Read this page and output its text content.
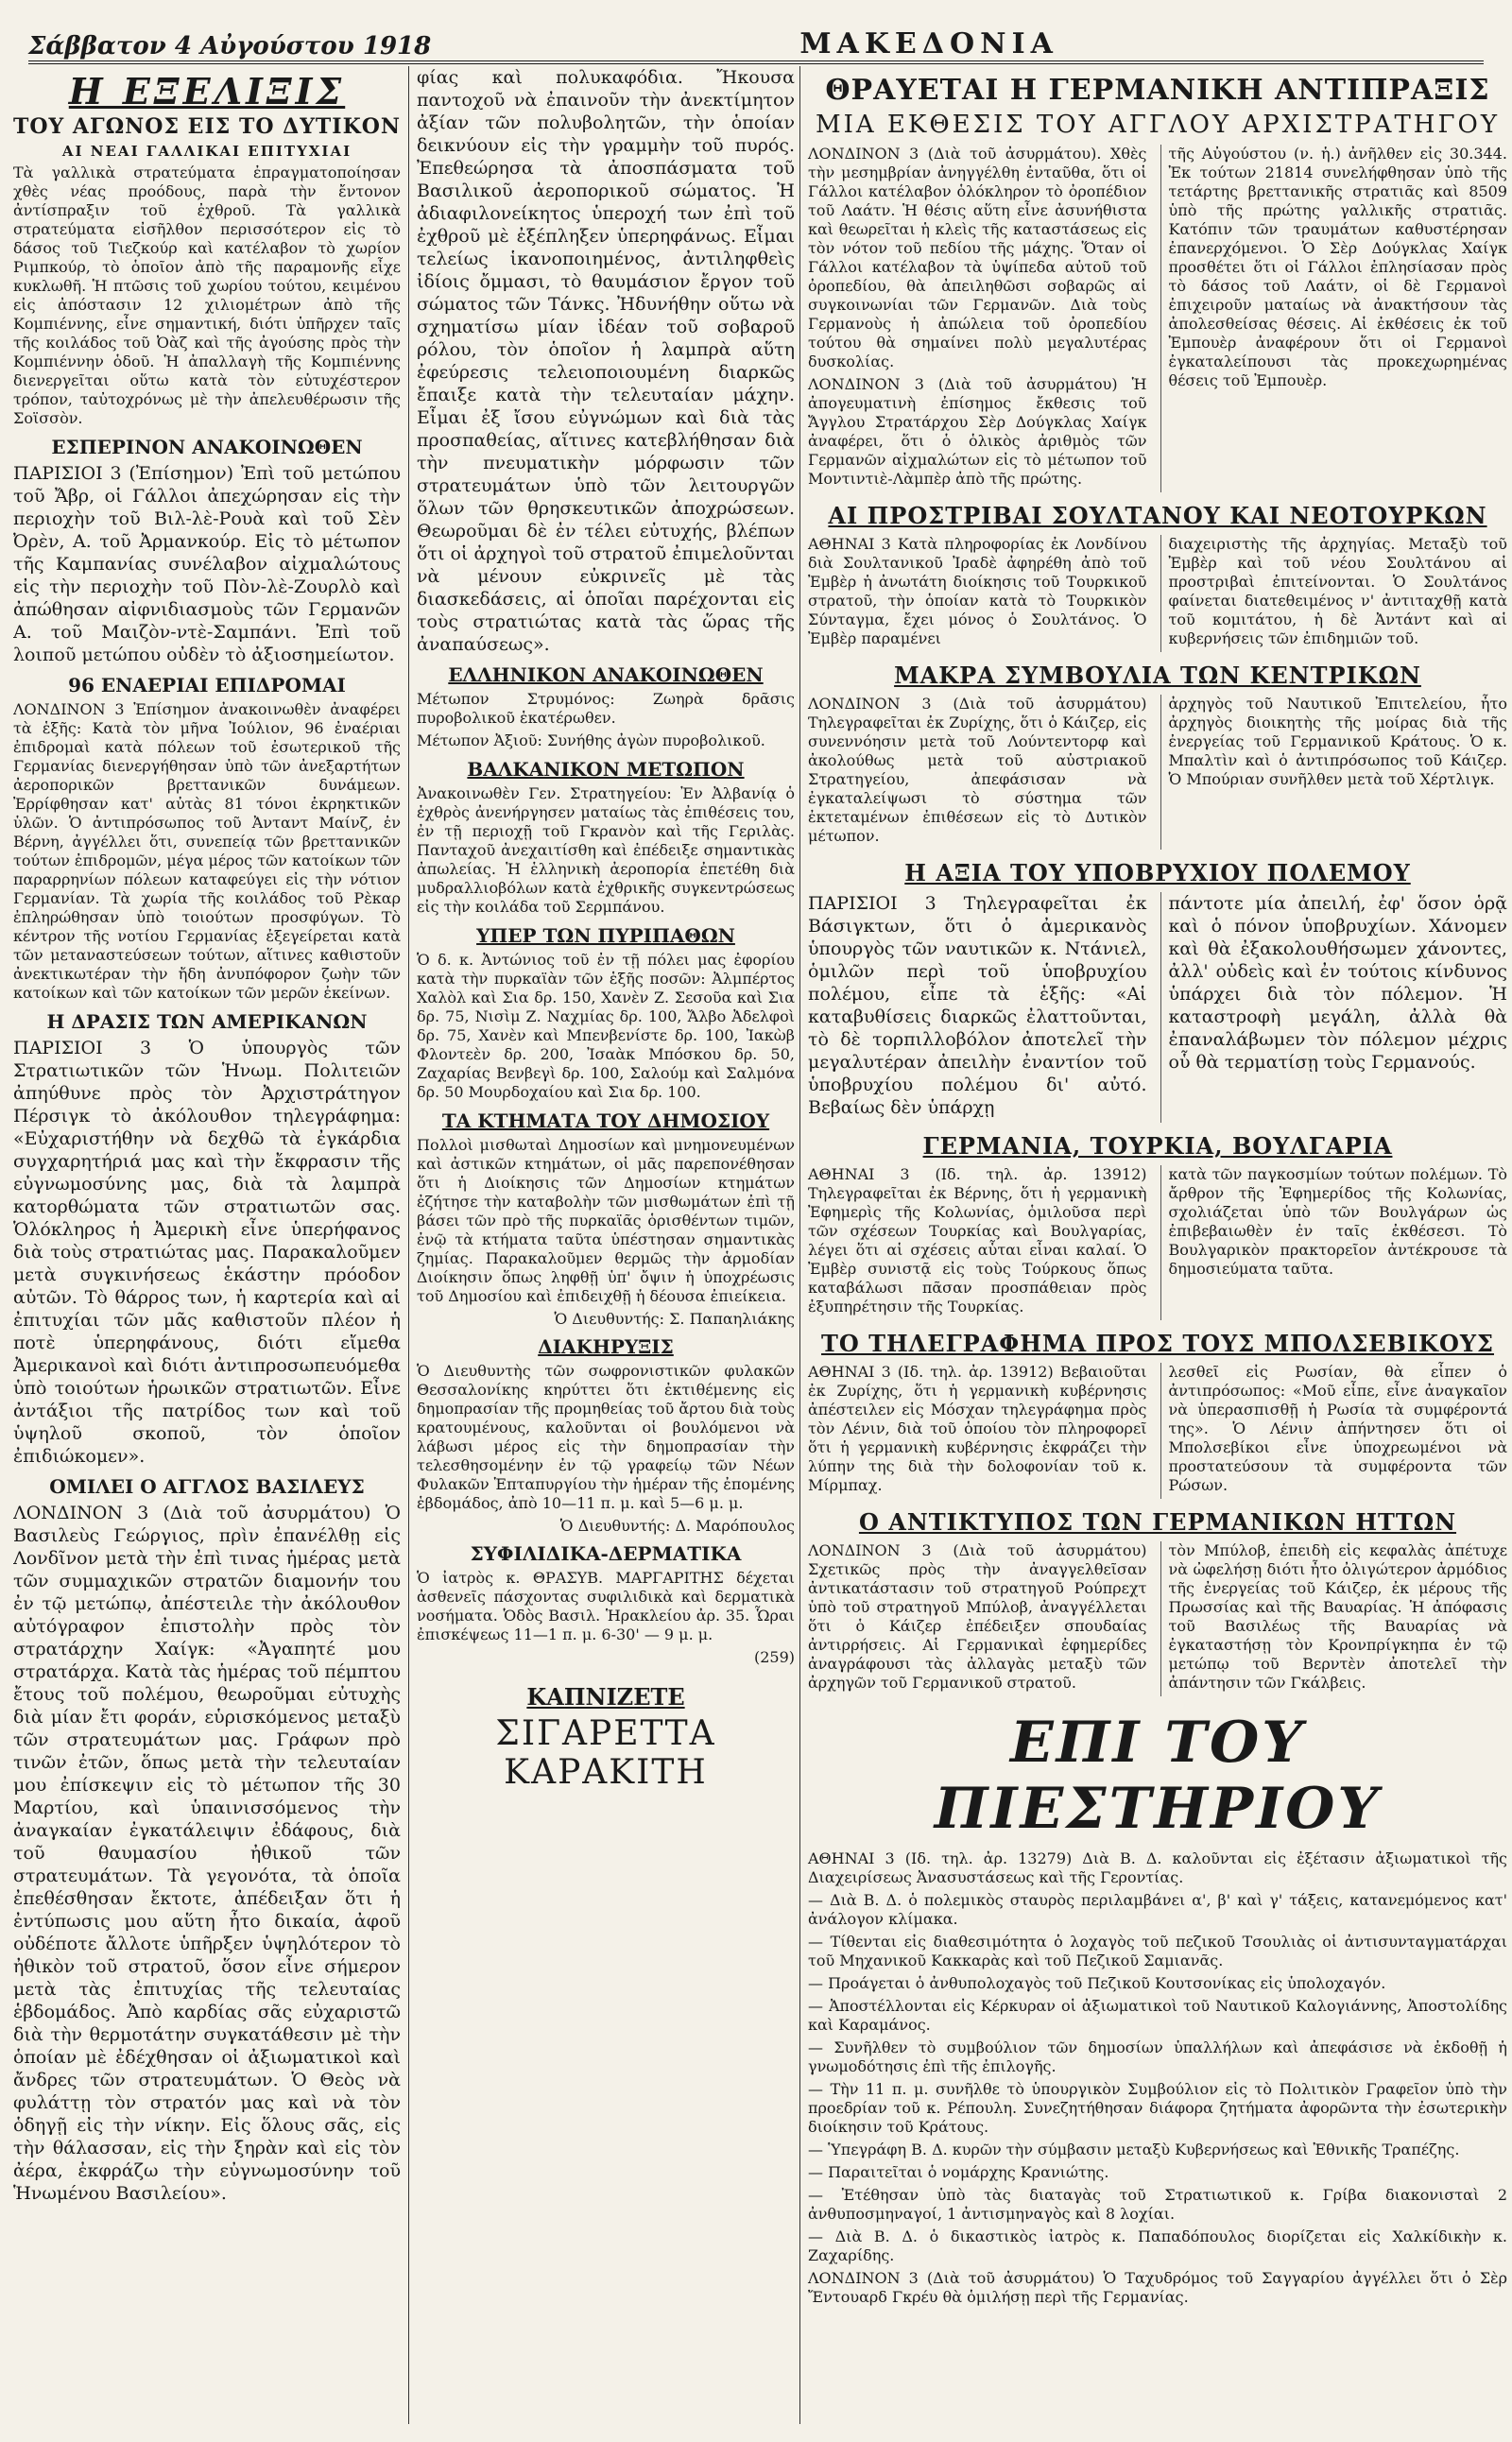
Σάββατον 4 Αὐγούστου 1918	ΜΑΚΕΔΟΝΙΑ
Η ΕΞΕΛΙΞΙΣ
ΤΟΥ ΑΓΩΝΟΣ ΕΙΣ ΤΟ ΔΥΤΙΚΟΝ
ΑΙ ΝΕΑΙ ΓΑΛΛΙΚΑΙ ΕΠΙΤΥΧΙΑΙ

Τὰ γαλλικὰ στρατεύματα ἐπραγματοποίησαν χθὲς νέας προόδους, παρὰ τὴν ἔντονον ἀντίσπραξιν τοῦ ἐχθροῦ. Τὰ γαλλικὰ στρατεύματα εἰσῆλθον περισσότερον εἰς τὸ δάσος τοῦ Τιεζκούρ καὶ κατέλαβον τὸ χωρίον Ριμπκούρ, τὸ ὁποῖον ἀπὸ τῆς παραμονῆς εἶχε κυκλωθῆ. Ἡ πτῶσις τοῦ χωρίου τούτου, κειμένου εἰς ἀπόστασιν 12 χιλιομέτρων ἀπὸ τῆς Κομπιέννης, εἶνε σημαντική, διότι ὑπῆρχεν ταῖς τῆς κοιλάδος τοῦ Ὀὰζ καὶ τῆς ἀγούσης πρὸς τὴν Κομπιέννην ὁδοῦ. Ἡ ἀπαλλαγὴ τῆς Κομπιέννης διενεργεῖται οὕτω κατὰ τὸν εὐτυχέστερον τρόπον, ταὐτοχρόνως μὲ τὴν ἀπελευθέρωσιν τῆς Σοϊσσὸν.

ΕΣΠΕΡΙΝΟΝ ΑΝΑΚΟΙΝΩΘΕΝ

ΠΑΡΙΣΙΟΙ 3 (Ἐπίσημον) Ἐπὶ τοῦ μετώπου τοῦ Ἄβρ, οἱ Γάλλοι ἀπεχώρησαν εἰς τὴν περιοχὴν τοῦ Βιλ-λὲ-Ρουὰ καὶ τοῦ Σὲν Ὀρὲν, Α. τοῦ Ἀρμανκούρ. Εἰς τὸ μέτωπον τῆς Καμπανίας συνέλαβον αἰχμαλώτους εἰς τὴν περιοχὴν τοῦ Πὸν-λὲ-Ζουρλὸ καὶ ἀπώθησαν αἰφνιδιασμοὺς τῶν Γερμανῶν Α. τοῦ Μαιζὸν-ντὲ-Σαμπάνι. Ἐπὶ τοῦ λοιποῦ μετώπου οὐδὲν τὸ ἀξιοσημείωτον.

96 ΕΝΑΕΡΙΑΙ ΕΠΙΔΡΟΜΑΙ

ΛΟΝΔΙΝΟΝ 3 Ἐπίσημον ἀνακοινωθὲν ἀναφέρει τὰ ἑξῆς: Κατὰ τὸν μῆνα Ἰούλιον, 96 ἐναέριαι ἐπιδρομαὶ κατὰ πόλεων τοῦ ἐσωτερικοῦ τῆς Γερμανίας διενεργήθησαν ὑπὸ τῶν ἀνεξαρτήτων ἀεροπορικῶν βρεττανικῶν δυνάμεων. Ἐρρίφθησαν κατ' αὐτὰς 81 τόνοι ἐκρηκτικῶν ὑλῶν. Ὁ ἀντιπρόσωπος τοῦ Ἀνταντ Μαίνζ, ἐν Βέρνη, ἀγγέλλει ὅτι, συνεπείᾳ τῶν βρεττανικῶν τούτων ἐπιδρομῶν, μέγα μέρος τῶν κατοίκων τῶν παραρρηνίων πόλεων καταφεύγει εἰς τὴν νότιον Γερμανίαν. Τὰ χωρία τῆς κοιλάδος τοῦ Ρὲκαρ ἐπληρώθησαν ὑπὸ τοιούτων προσφύγων. Τὸ κέντρον τῆς νοτίου Γερμανίας ἐξεγείρεται κατὰ τῶν μεταναστεύσεων τούτων, αἵτινες καθιστοῦν ἀνεκτικωτέραν τὴν ἤδη ἀνυπόφορον ζωὴν τῶν κατοίκων καὶ τῶν κατοίκων τῶν μερῶν ἐκείνων.

Η ΔΡΑΣΙΣ ΤΩΝ ΑΜΕΡΙΚΑΝΩΝ

ΠΑΡΙΣΙΟΙ 3 Ὁ ὑπουργὸς τῶν Στρατιωτικῶν τῶν Ἡνωμ. Πολιτειῶν ἀπηύθυνε πρὸς τὸν Ἀρχιστράτηγον Πέρσιγκ τὸ ἀκόλουθον τηλεγράφημα: «Εὐχαριστήθην νὰ δεχθῶ τὰ ἐγκάρδια συγχαρητήριά μας καὶ τὴν ἔκφρασιν τῆς εὐγνωμοσύνης μας, διὰ τὰ λαμπρὰ κατορθώματα τῶν στρατιωτῶν σας. Ὁλόκληρος ἡ Ἀμερικὴ εἶνε ὑπερήφανος διὰ τοὺς στρατιώτας μας. Παρακαλοῦμεν μετὰ συγκινήσεως ἑκάστην πρόοδον αὐτῶν. Τὸ θάρρος των, ἡ καρτερία καὶ αἱ ἐπιτυχίαι τῶν μᾶς καθιστοῦν πλέον ἡ ποτὲ ὑπερηφάνους, διότι εἴμεθα Ἀμερικανοὶ καὶ διότι ἀντιπροσωπευόμεθα ὑπὸ τοιούτων ἡρωικῶν στρατιωτῶν. Εἶνε ἀντάξιοι τῆς πατρίδος των καὶ τοῦ ὑψηλοῦ σκοποῦ, τὸν ὁποῖον ἐπιδιώκομεν».

ΟΜΙΛΕΙ Ο ΑΓΓΛΟΣ ΒΑΣΙΛΕΥΣ

ΛΟΝΔΙΝΟΝ 3 (Διὰ τοῦ ἀσυρμάτου) Ὁ Βασιλεὺς Γεώργιος, πρὶν ἐπανέλθῃ εἰς Λονδῖνον μετὰ τὴν ἐπὶ τινας ἡμέρας μετὰ τῶν συμμαχικῶν στρατῶν διαμονήν του ἐν τῷ μετώπῳ, ἀπέστειλε τὴν ἀκόλουθον αὐτόγραφον ἐπιστολὴν πρὸς τὸν στρατάρχην Χαίγκ: «Ἀγαπητέ μου στρατάρχα. Κατὰ τὰς ἡμέρας τοῦ πέμπτου ἔτους τοῦ πολέμου, θεωροῦμαι εὐτυχὴς διὰ μίαν ἔτι φοράν, εὑρισκόμενος μεταξὺ τῶν στρατευμάτων μας. Γράφων πρὸ τινῶν ἐτῶν, ὅπως μετὰ τὴν τελευταίαν μου ἐπίσκεψιν εἰς τὸ μέτωπον τῆς 30 Μαρτίου, καὶ ὑπαινισσόμενος τὴν ἀναγκαίαν ἐγκατάλειψιν ἐδάφους, διὰ τοῦ θαυμασίου ἠθικοῦ τῶν στρατευμάτων. Τὰ γεγονότα, τὰ ὁποῖα ἐπεθέσθησαν ἔκτοτε, ἀπέδειξαν ὅτι ἡ ἐντύπωσις μου αὕτη ἦτο δικαία, ἀφοῦ οὐδέποτε ἄλλοτε ὑπῆρξεν ὑψηλότερον τὸ ἠθικὸν τοῦ στρατοῦ, ὅσον εἶνε σήμερον μετὰ τὰς ἐπιτυχίας τῆς τελευταίας ἑβδομάδος. Ἀπὸ καρδίας σᾶς εὐχαριστῶ διὰ τὴν θερμοτάτην συγκατάθεσιν μὲ τὴν ὁποίαν μὲ ἐδέχθησαν οἱ ἀξιωματικοὶ καὶ ἄνδρες τῶν στρατευμάτων. Ὁ Θεὸς νὰ φυλάττῃ τὸν στρατόν μας καὶ νὰ τὸν ὁδηγῇ εἰς τὴν νίκην. Εἰς ὅλους σᾶς, εἰς τὴν θάλασσαν, εἰς τὴν ξηρὰν καὶ εἰς τὸν ἀέρα, ἐκφράζω τὴν εὐγνωμοσύνην τοῦ Ἡνωμένου Βασιλείου».

φίας καὶ πολυκαφόδια. Ἤκουσα παντοχοῦ νὰ ἐπαινοῦν τὴν ἀνεκτίμητον ἀξίαν τῶν πολυβολητῶν, τὴν ὁποίαν δεικνύουν εἰς τὴν γραμμὴν τοῦ πυρός. Ἐπεθεώρησα τὰ ἀποσπάσματα τοῦ Βασιλικοῦ ἀεροπορικοῦ σώματος. Ἡ ἀδιαφιλονείκητος ὑπεροχή των ἐπὶ τοῦ ἐχθροῦ μὲ ἐξέπληξεν ὑπερηφάνως. Εἶμαι τελείως ἱκανοποιημένος, ἀντιληφθεὶς ἰδίοις ὄμμασι, τὸ θαυμάσιον ἔργον τοῦ σώματος τῶν Τάνκς. Ἠδυνήθην οὕτω νὰ σχηματίσω μίαν ἰδέαν τοῦ σοβαροῦ ρόλου, τὸν ὁποῖον ἡ λαμπρὰ αὕτη ἐφεύρεσις τελειοποιουμένη διαρκῶς ἔπαιξε κατὰ τὴν τελευταίαν μάχην. Εἶμαι ἐξ ἴσου εὐγνώμων καὶ διὰ τὰς προσπαθείας, αἵτινες κατεβλήθησαν διὰ τὴν πνευματικὴν μόρφωσιν τῶν στρατευμάτων ὑπὸ τῶν λειτουργῶν ὅλων τῶν θρησκευτικῶν ἀποχρώσεων. Θεωροῦμαι δὲ ἐν τέλει εὐτυχής, βλέπων ὅτι οἱ ἀρχηγοὶ τοῦ στρατοῦ ἐπιμελοῦνται νὰ μένουν εὐκρινεῖς μὲ τὰς διασκεδάσεις, αἱ ὁποῖαι παρέχονται εἰς τοὺς στρατιώτας κατὰ τὰς ὥρας τῆς ἀναπαύσεως».

ΕΛΛΗΝΙΚΟΝ ΑΝΑΚΟΙΝΩΘΕΝ

Μέτωπον Στρυμόνος: Ζωηρὰ δρᾶσις πυροβολικοῦ ἑκατέρωθεν.

Μέτωπον Ἀξιοῦ: Συνήθης ἀγὼν πυροβολικοῦ.

ΒΑΛΚΑΝΙΚΟΝ ΜΕΤΩΠΟΝ

Ἀνακοινωθὲν Γεν. Στρατηγείου: Ἐν Ἀλβανίᾳ ὁ ἐχθρὸς ἀνενήργησεν ματαίως τὰς ἐπιθέσεις του, ἐν τῇ περιοχῇ τοῦ Γκρανὸν καὶ τῆς Γεριλὰς. Πανταχοῦ ἀνεχαιτίσθη καὶ ἐπέδειξε σημαντικὰς ἀπωλείας. Ἡ ἑλληνικὴ ἀεροπορία ἐπετέθη διὰ μυδραλλιοβόλων κατὰ ἐχθρικῆς συγκεντρώσεως εἰς τὴν κοιλάδα τοῦ Σερμπάνου.

ΥΠΕΡ ΤΩΝ ΠΥΡΙΠΑΘΩΝ

Ὁ δ. κ. Ἀντώνιος τοῦ ἐν τῇ πόλει μας ἐφορίου κατὰ τὴν πυρκαϊὰν τῶν ἑξῆς ποσῶν: Ἀλμπέρτος Χαλὸλ καὶ Σια δρ. 150, Χανὲν Ζ. Σεσοῦα καὶ Σια δρ. 75, Νισὶμ Ζ. Ναχμίας δρ. 100, Ἄλβο Ἀδελφοὶ δρ. 75, Χανὲν καὶ Μπενβενίστε δρ. 100, Ἰακὼβ Φλοντεὲν δρ. 200, Ἰσαὰκ Μπόσκου δρ. 50, Ζαχαρίας Βενβεγὶ δρ. 100, Σαλούμ καὶ Σαλμόνα δρ. 50 Μουρδοχαίου καὶ Σια δρ. 100.

ΤΑ ΚΤΗΜΑΤΑ ΤΟΥ ΔΗΜΟΣΙΟΥ

Πολλοὶ μισθωταὶ Δημοσίων καὶ μνημονευμένων καὶ ἀστικῶν κτημάτων, οἱ μᾶς παρεπονέθησαν ὅτι ἡ Διοίκησις τῶν Δημοσίων κτημάτων ἐζήτησε τὴν καταβολὴν τῶν μισθωμάτων ἐπὶ τῇ βάσει τῶν πρὸ τῆς πυρκαϊᾶς ὁρισθέντων τιμῶν, ἐνῷ τὰ κτήματα ταῦτα ὑπέστησαν σημαντικὰς ζημίας. Παρακαλοῦμεν θερμῶς τὴν ἁρμοδίαν Διοίκησιν ὅπως ληφθῇ ὑπ' ὄψιν ἡ ὑποχρέωσις τοῦ Δημοσίου καὶ ἐπιδειχθῇ ἡ δέουσα ἐπιείκεια.

Ὁ Διευθυντής: Σ. Παπαηλιάκης
ΔΙΑΚΗΡΥΞΙΣ

Ὁ Διευθυντὴς τῶν σωφρονιστικῶν φυλακῶν Θεσσαλονίκης κηρύττει ὅτι ἐκτιθέμενης εἰς δημοπρασίαν τῆς προμηθείας τοῦ ἄρτου διὰ τοὺς κρατουμένους, καλοῦνται οἱ βουλόμενοι νὰ λάβωσι μέρος εἰς τὴν δημοπρασίαν τὴν τελεσθησομένην ἐν τῷ γραφείῳ τῶν Νέων Φυλακῶν Ἑπταπυργίου τὴν ἡμέραν τῆς ἐπομένης ἑβδομάδος, ἀπὸ 10—11 π. μ. καὶ 5—6 μ. μ.

Ὁ Διευθυντής: Δ. Μαρόπουλος
ΣΥΦΙΛΙΔΙΚΑ-ΔΕΡΜΑΤΙΚΑ

Ὁ ἰατρὸς κ. ΘΡΑΣΥΒ. ΜΑΡΓΑΡΙΤΗΣ δέχεται ἀσθενεῖς πάσχοντας συφιλιδικὰ καὶ δερματικὰ νοσήματα. Ὁδὸς Βασιλ. Ἡρακλείου ἀρ. 35. Ὧραι ἐπισκέψεως 11—1 π. μ. 6-30' — 9 μ. μ.

(259)
ΚΑΠΝΙΖΕΤΕ
ΣΙΓΑΡΕΤΤΑ ΚΑΡΑΚΙΤΗ
ΘΡΑΥΕΤΑΙ Η ΓΕΡΜΑΝΙΚΗ ΑΝΤΙΠΡΑΞΙΣ
ΜΙΑ ΕΚΘΕΣΙΣ ΤΟΥ ΑΓΓΛΟΥ ΑΡΧΙΣΤΡΑΤΗΓΟΥ

ΛΟΝΔΙΝΟΝ 3 (Διὰ τοῦ ἀσυρμάτου). Χθὲς τὴν μεσημβρίαν ἀνηγγέλθη ἐνταῦθα, ὅτι οἱ Γάλλοι κατέλαβον ὁλόκληρον τὸ ὀροπέδιον τοῦ Λαάτν. Ἡ θέσις αὕτη εἶνε ἀσυνήθιστα καὶ θεωρεῖται ἡ κλεὶς τῆς καταστάσεως εἰς τὸν νότον τοῦ πεδίου τῆς μάχης. Ὅταν οἱ Γάλλοι κατέλαβον τὰ ὑψίπεδα αὐτοῦ τοῦ ὀροπεδίου, θὰ ἀπειληθῶσι σοβαρῶς αἱ συγκοινωνίαι τῶν Γερμανῶν. Διὰ τοὺς Γερμανοὺς ἡ ἀπώλεια τοῦ ὀροπεδίου τούτου θὰ σημαίνει πολὺ μεγαλυτέρας δυσκολίας.

ΛΟΝΔΙΝΟΝ 3 (Διὰ τοῦ ἀσυρμάτου) Ἡ ἀπογευματινὴ ἐπίσημος ἔκθεσις τοῦ Ἄγγλου Στρατάρχου Σὲρ Δούγκλας Χαίγκ ἀναφέρει, ὅτι ὁ ὁλικὸς ἀριθμὸς τῶν Γερμανῶν αἰχμαλώτων εἰς τὸ μέτωπον τοῦ Μοντιντιὲ-Λὰμπὲρ ἀπὸ τῆς πρώτης.

τῆς Αὐγούστου (ν. ἡ.) ἀνῆλθεν εἰς 30.344. Ἐκ τούτων 21814 συνελήφθησαν ὑπὸ τῆς τετάρτης βρεττανικῆς στρατιᾶς καὶ 8509 ὑπὸ τῆς πρώτης γαλλικῆς στρατιᾶς. Κατόπιν τῶν τραυμάτων καθυστέρησαν ἐπανερχόμενοι. Ὁ Σὲρ Δούγκλας Χαίγκ προσθέτει ὅτι οἱ Γάλλοι ἐπλησίασαν πρὸς τὸ δάσος τοῦ Λαάτν, οἱ δὲ Γερμανοὶ ἐπιχειροῦν ματαίως νὰ ἀνακτήσουν τὰς ἀπολεσθείσας θέσεις. Αἱ ἐκθέσεις ἐκ τοῦ Ἐμπουὲρ ἀναφέρουν ὅτι οἱ Γερμανοὶ ἐγκαταλείπουσι τὰς προκεχωρημένας θέσεις τοῦ Ἐμπουὲρ.

ΑΙ ΠΡΟΣΤΡΙΒΑΙ ΣΟΥΛΤΑΝΟΥ ΚΑΙ ΝΕΟΤΟΥΡΚΩΝ

ΑΘΗΝΑΙ 3 Κατὰ πληροφορίας ἐκ Λονδίνου διὰ Σουλτανικοῦ Ἰραδὲ ἀφηρέθη ἀπὸ τοῦ Ἐμβὲρ ἡ ἀνωτάτη διοίκησις τοῦ Τουρκικοῦ στρατοῦ, τὴν ὁποίαν κατὰ τὸ Τουρκικὸν Σύνταγμα, ἔχει μόνος ὁ Σουλτάνος. Ὁ Ἐμβὲρ παραμένει

διαχειριστὴς τῆς ἀρχηγίας. Μεταξὺ τοῦ Ἐμβὲρ καὶ τοῦ νέου Σουλτάνου αἱ προστριβαὶ ἐπιτείνονται. Ὁ Σουλτάνος φαίνεται διατεθειμένος ν' ἀντιταχθῇ κατὰ τοῦ κομιτάτου, ἡ δὲ Ἀντάντ καὶ αἱ κυβερνήσεις τῶν ἐπιδημιῶν τοῦ.

ΜΑΚΡΑ ΣΥΜΒΟΥΛΙΑ ΤΩΝ ΚΕΝΤΡΙΚΩΝ

ΛΟΝΔΙΝΟΝ 3 (Διὰ τοῦ ἀσυρμάτου) Τηλεγραφεῖται ἐκ Ζυρίχης, ὅτι ὁ Κάιζερ, εἰς συνεννόησιν μετὰ τοῦ Λούντεντορφ καὶ ἀκολούθως μετὰ τοῦ αὐστριακοῦ Στρατηγείου, ἀπεφάσισαν νὰ ἐγκαταλείψωσι τὸ σύστημα τῶν ἐκτεταμένων ἐπιθέσεων εἰς τὸ Δυτικὸν μέτωπον.

ἀρχηγὸς τοῦ Ναυτικοῦ Ἐπιτελείου, ἦτο ἀρχηγὸς διοικητὴς τῆς μοίρας διὰ τῆς ἐνεργείας τοῦ Γερμανικοῦ Κράτους. Ὁ κ. Μπαλτὶν καὶ ὁ ἀντιπρόσωπος τοῦ Κάιζερ. Ὁ Μπούριαν συνῆλθεν μετὰ τοῦ Χέρτλιγκ.

Η ΑΞΙΑ ΤΟΥ ΥΠΟΒΡΥΧΙΟΥ ΠΟΛΕΜΟΥ

ΠΑΡΙΣΙΟΙ 3 Τηλεγραφεῖται ἐκ Βάσιγκτων, ὅτι ὁ ἀμερικανὸς ὑπουργὸς τῶν ναυτικῶν κ. Ντάνιελ, ὁμιλῶν περὶ τοῦ ὑποβρυχίου πολέμου, εἶπε τὰ ἑξῆς: «Αἱ καταβυθίσεις διαρκῶς ἐλαττοῦνται, τὸ δὲ τορπιλλοβόλον ἀποτελεῖ τὴν μεγαλυτέραν ἀπειλὴν ἐναντίον τοῦ ὑποβρυχίου πολέμου δι' αὐτό. Βεβαίως δὲν ὑπάρχῃ

πάντοτε μία ἀπειλή, ἐφ' ὅσον ὁρᾷ καὶ ὁ πόνον ὑποβρυχίων. Χάνομεν καὶ θὰ ἐξακολουθήσωμεν χάνοντες, ἀλλ' οὐδεὶς καὶ ἐν τούτοις κίνδυνος ὑπάρχει διὰ τὸν πόλεμον. Ἡ καταστροφὴ μεγάλη, ἀλλὰ θὰ ἐπαναλάβωμεν τὸν πόλεμον μέχρις οὗ θὰ τερματίσῃ τοὺς Γερμανούς.

ΓΕΡΜΑΝΙΑ, ΤΟΥΡΚΙΑ, ΒΟΥΛΓΑΡΙΑ

ΑΘΗΝΑΙ 3 (Ιδ. τηλ. ἀρ. 13912) Τηλεγραφεῖται ἐκ Βέρνης, ὅτι ἡ γερμανικὴ Ἐφημερὶς τῆς Κολωνίας, ὁμιλοῦσα περὶ τῶν σχέσεων Τουρκίας καὶ Βουλγαρίας, λέγει ὅτι αἱ σχέσεις αὗται εἶναι καλαί. Ὁ Ἐμβὲρ συνιστᾷ εἰς τοὺς Τούρκους ὅπως καταβάλωσι πᾶσαν προσπάθειαν πρὸς ἐξυπηρέτησιν τῆς Τουρκίας.

κατὰ τῶν παγκοσμίων τούτων πολέμων. Τὸ ἄρθρον τῆς Ἐφημερίδος τῆς Κολωνίας, σχολιάζεται ὑπὸ τῶν Βουλγάρων ὡς ἐπιβεβαιωθὲν ἐν ταῖς ἐκθέσεσι. Τὸ Βουλγαρικὸν πρακτορεῖον ἀντέκρουσε τὰ δημοσιεύματα ταῦτα.

ΤΟ ΤΗΛΕΓΡΑΦΗΜΑ ΠΡΟΣ ΤΟΥΣ ΜΠΟΛΣΕΒΙΚΟΥΣ

ΑΘΗΝΑΙ 3 (Ιδ. τηλ. ἀρ. 13912) Βεβαιοῦται ἐκ Ζυρίχης, ὅτι ἡ γερμανικὴ κυβέρνησις ἀπέστειλεν εἰς Μόσχαν τηλεγράφημα πρὸς τὸν Λένιν, διὰ τοῦ ὁποίου τὸν πληροφορεῖ ὅτι ἡ γερμανικὴ κυβέρνησις ἐκφράζει τὴν λύπην της διὰ τὴν δολοφονίαν τοῦ κ. Μίρμπαχ.

λεσθεῖ εἰς Ρωσίαν, θὰ εἶπεν ὁ ἀντιπρόσωπος: «Μοῦ εἶπε, εἶνε ἀναγκαῖον νὰ ὑπερασπισθῇ ἡ Ρωσία τὰ συμφέροντά της». Ὁ Λένιν ἀπήντησεν ὅτι οἱ Μπολσεβίκοι εἶνε ὑποχρεωμένοι νὰ προστατεύσουν τὰ συμφέροντα τῶν Ρώσων.

Ο ΑΝΤΙΚΤΥΠΟΣ ΤΩΝ ΓΕΡΜΑΝΙΚΩΝ ΗΤΤΩΝ

ΛΟΝΔΙΝΟΝ 3 (Διὰ τοῦ ἀσυρμάτου) Σχετικῶς πρὸς τὴν ἀναγγελθεῖσαν ἀντικατάστασιν τοῦ στρατηγοῦ Ρούπρεχτ ὑπὸ τοῦ στρατηγοῦ Μπύλοβ, ἀναγγέλλεται ὅτι ὁ Κάιζερ ἐπέδειξεν σπουδαίας ἀντιρρήσεις. Αἱ Γερμανικαὶ ἐφημερίδες ἀναγράφουσι τὰς ἀλλαγὰς μεταξὺ τῶν ἀρχηγῶν τοῦ Γερμανικοῦ στρατοῦ.

τὸν Μπύλοβ, ἐπειδὴ εἰς κεφαλὰς ἀπέτυχε νὰ ὠφελήσῃ διότι ἦτο ὀλιγώτερον ἀρμόδιος τῆς ἐνεργείας τοῦ Κάιζερ, ἐκ μέρους τῆς Πρωσσίας καὶ τῆς Βαυαρίας. Ἡ ἀπόφασις τοῦ Βασιλέως τῆς Βαυαρίας νὰ ἐγκαταστήσῃ τὸν Κρονπρίγκηπα ἐν τῷ μετώπῳ τοῦ Βερντὲν ἀποτελεῖ τὴν ἀπάντησιν τῶν Γκάλβεις.

ΕΠΙ ΤΟΥ ΠΙΕΣΤΗΡΙΟΥ

ΑΘΗΝΑΙ 3 (Ιδ. τηλ. ἀρ. 13279) Διὰ Β. Δ. καλοῦνται εἰς ἐξέτασιν ἀξιωματικοὶ τῆς Διαχειρίσεως Ἀνασυστάσεως καὶ τῆς Γεροντίας.

— Διὰ Β. Δ. ὁ πολεμικὸς σταυρὸς περιλαμβάνει α', β' καὶ γ' τάξεις, κατανεμόμενος κατ' ἀνάλογον κλίμακα.

— Τίθενται εἰς διαθεσιμότητα ὁ λοχαγὸς τοῦ πεζικοῦ Τσουλιὰς οἱ ἀντισυνταγματάρχαι τοῦ Μηχανικοῦ Κακκαρὰς καὶ τοῦ Πεζικοῦ Σαμιανᾶς.

— Προάγεται ὁ ἀνθυπολοχαγὸς τοῦ Πεζικοῦ Κουτσονίκας εἰς ὑπολοχαγόν.

— Ἀποστέλλονται εἰς Κέρκυραν οἱ ἀξιωματικοὶ τοῦ Ναυτικοῦ Καλογιάννης, Ἀποστολίδης καὶ Καραμάνος.

— Συνῆλθεν τὸ συμβούλιον τῶν δημοσίων ὑπαλλήλων καὶ ἀπεφάσισε νὰ ἐκδοθῇ ἡ γνωμοδότησις ἐπὶ τῆς ἐπιλογῆς.

— Τὴν 11 π. μ. συνῆλθε τὸ ὑπουργικὸν Συμβούλιον εἰς τὸ Πολιτικὸν Γραφεῖον ὑπὸ τὴν προεδρίαν τοῦ κ. Ρέπουλη. Συνεζητήθησαν διάφορα ζητήματα ἀφορῶντα τὴν ἐσωτερικὴν διοίκησιν τοῦ Κράτους.

— Ὑπεγράφη Β. Δ. κυρῶν τὴν σύμβασιν μεταξὺ Κυβερνήσεως καὶ Ἐθνικῆς Τραπέζης.

— Παραιτεῖται ὁ νομάρχης Κρανιώτης.

— Ἐτέθησαν ὑπὸ τὰς διαταγὰς τοῦ Στρατιωτικοῦ κ. Γρίβα διακονισταὶ 2 ἀνθυποσμηναγοί, 1 ἀντισμηναγὸς καὶ 8 λοχίαι.

— Διὰ Β. Δ. ὁ δικαστικὸς ἰατρὸς κ. Παπαδόπουλος διορίζεται εἰς Χαλκίδικὴν κ. Ζαχαρίδης.

ΛΟΝΔΙΝΟΝ 3 (Διὰ τοῦ ἀσυρμάτου) Ὁ Ταχυδρόμος τοῦ Σαγγαρίου ἀγγέλλει ὅτι ὁ Σὲρ Ἔντουαρδ Γκρέυ θὰ ὁμιλήσῃ περὶ τῆς Γερμανίας.
